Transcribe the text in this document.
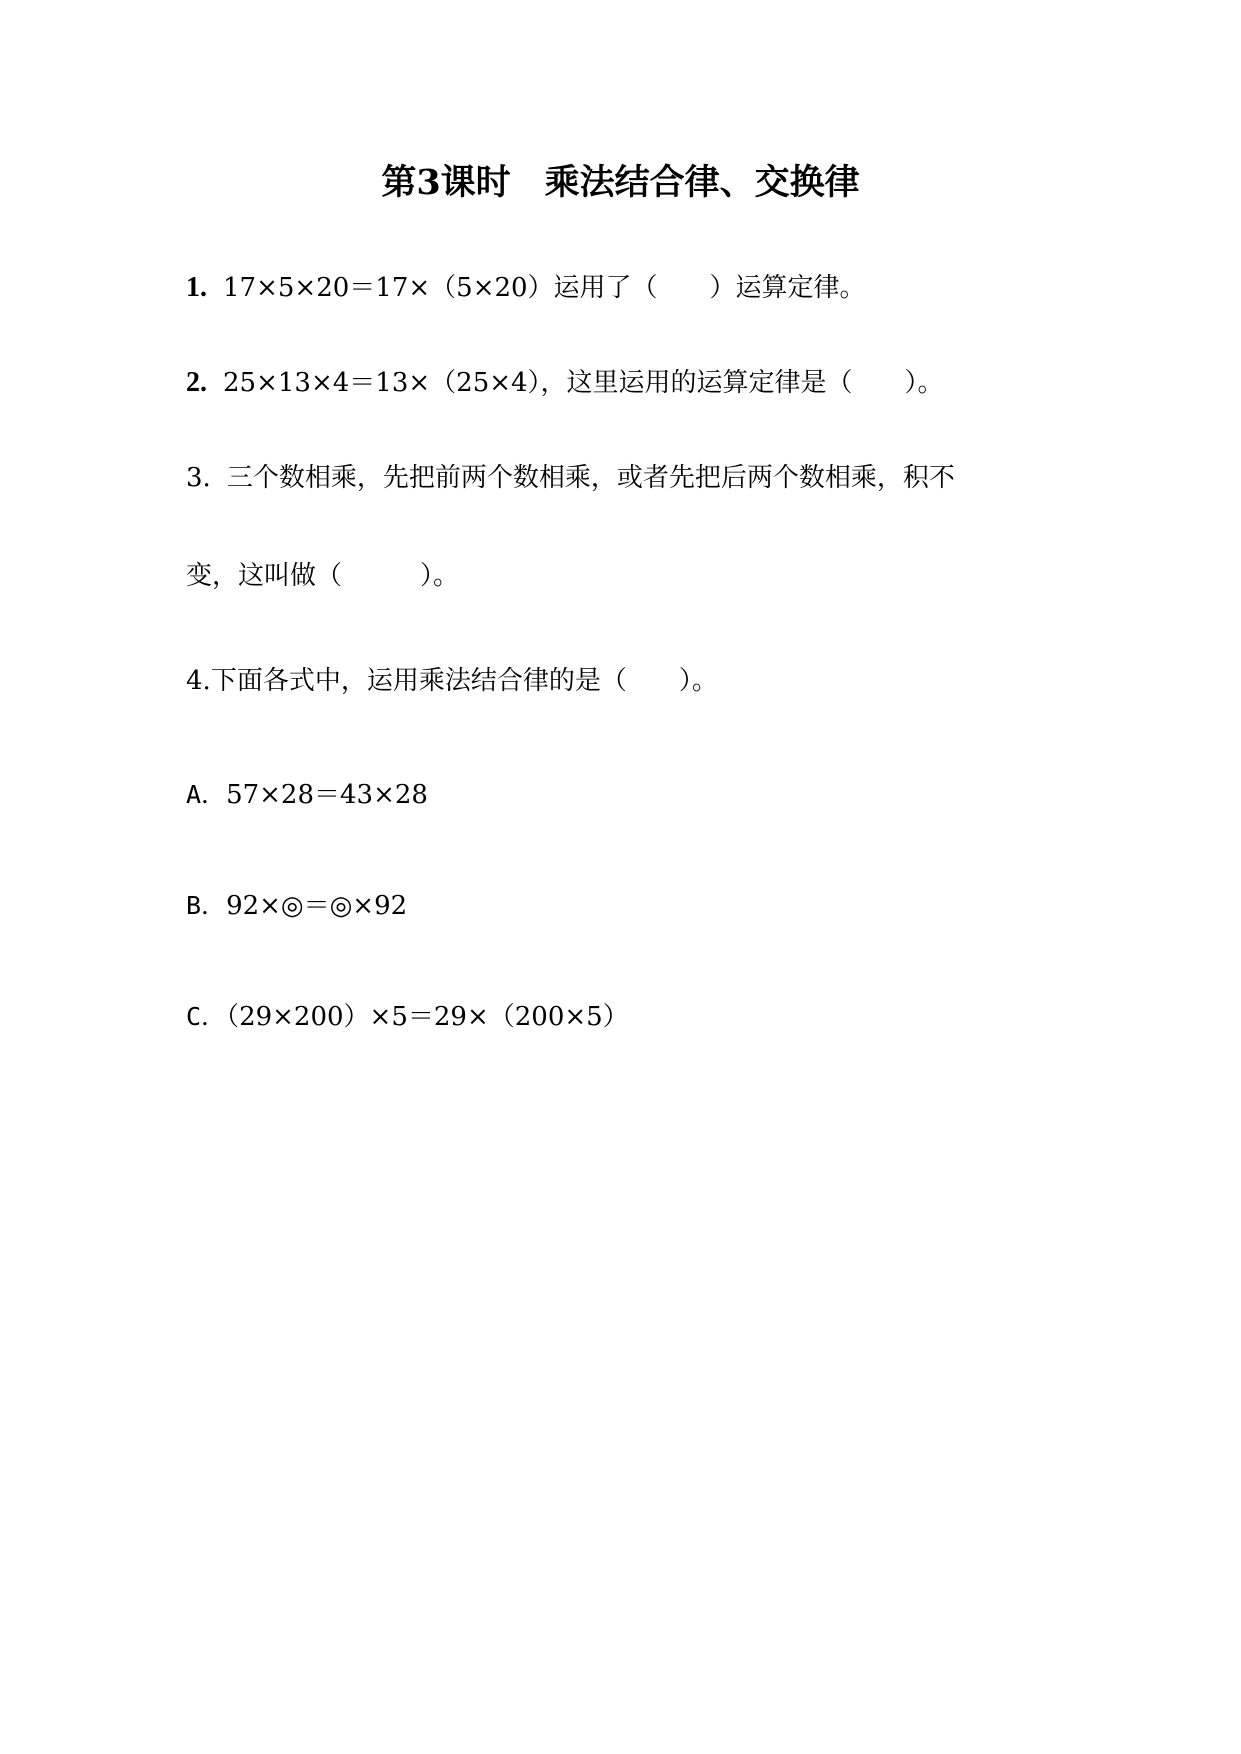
第3课时 乘法结合律、交换律
1. 17×5×20＝17×（5×20）运用了（　　）运算定律。
2. 25×13×4＝13×（25×4），这里运用的运算定律是（　　）。
3. 三个数相乘，先把前两个数相乘，或者先把后两个数相乘，积不
变，这叫做（　　　）。
4.下面各式中，运用乘法结合律的是（　　）。
A．57×28＝43×28
B．92×◎＝◎×92
C．（29×200）×5＝29×（200×5）
